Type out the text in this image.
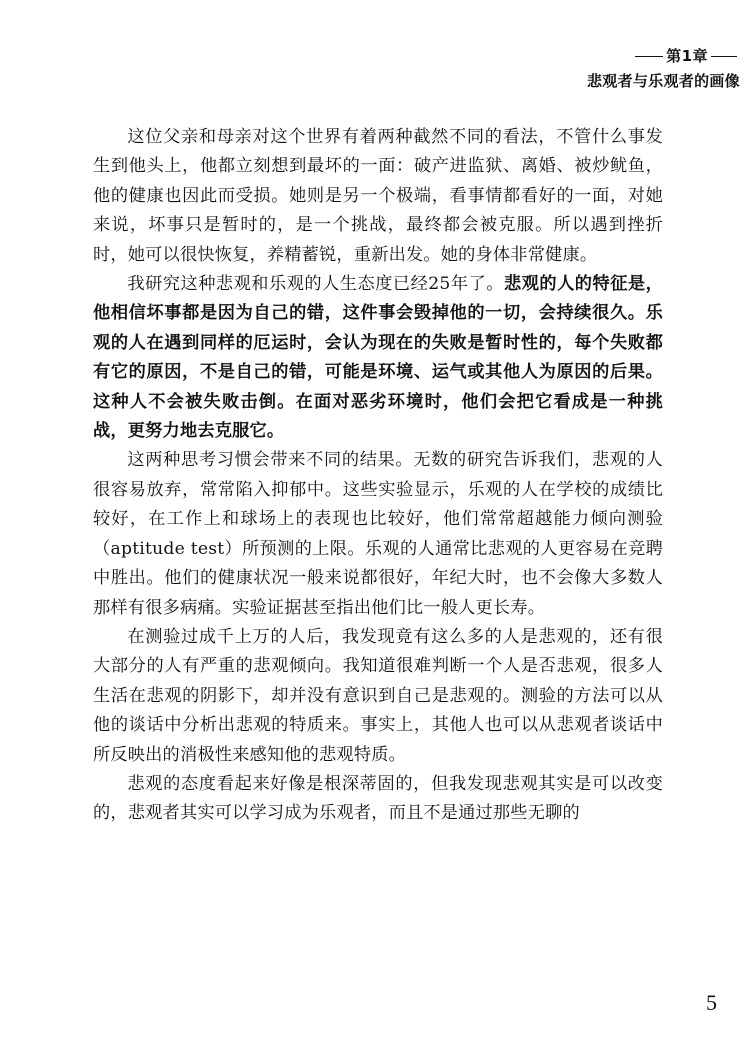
第1章
悲观者与乐观者的画像

这位父亲和母亲对这个世界有着两种截然不同的看法，不管什么事发生到他头上，他都立刻想到最坏的一面：破产进监狱、离婚、被炒鱿鱼，他的健康也因此而受损。她则是另一个极端，看事情都看好的一面，对她来说，坏事只是暂时的，是一个挑战，最终都会被克服。所以遇到挫折时，她可以很快恢复，养精蓄锐，重新出发。她的身体非常健康。

我研究这种悲观和乐观的人生态度已经25年了。悲观的人的特征是，他相信坏事都是因为自己的错，这件事会毁掉他的一切，会持续很久。乐观的人在遇到同样的厄运时，会认为现在的失败是暂时性的，每个失败都有它的原因，不是自己的错，可能是环境、运气或其他人为原因的后果。这种人不会被失败击倒。在面对恶劣环境时，他们会把它看成是一种挑战，更努力地去克服它。

这两种思考习惯会带来不同的结果。无数的研究告诉我们，悲观的人很容易放弃，常常陷入抑郁中。这些实验显示，乐观的人在学校的成绩比较好，在工作上和球场上的表现也比较好，他们常常超越能力倾向测验（aptitude test）所预测的上限。乐观的人通常比悲观的人更容易在竞聘中胜出。他们的健康状况一般来说都很好，年纪大时，也不会像大多数人那样有很多病痛。实验证据甚至指出他们比一般人更长寿。

在测验过成千上万的人后，我发现竟有这么多的人是悲观的，还有很大部分的人有严重的悲观倾向。我知道很难判断一个人是否悲观，很多人生活在悲观的阴影下，却并没有意识到自己是悲观的。测验的方法可以从他的谈话中分析出悲观的特质来。事实上，其他人也可以从悲观者谈话中所反映出的消极性来感知他的悲观特质。

悲观的态度看起来好像是根深蒂固的，但我发现悲观其实是可以改变的，悲观者其实可以学习成为乐观者，而且不是通过那些无聊的

5
